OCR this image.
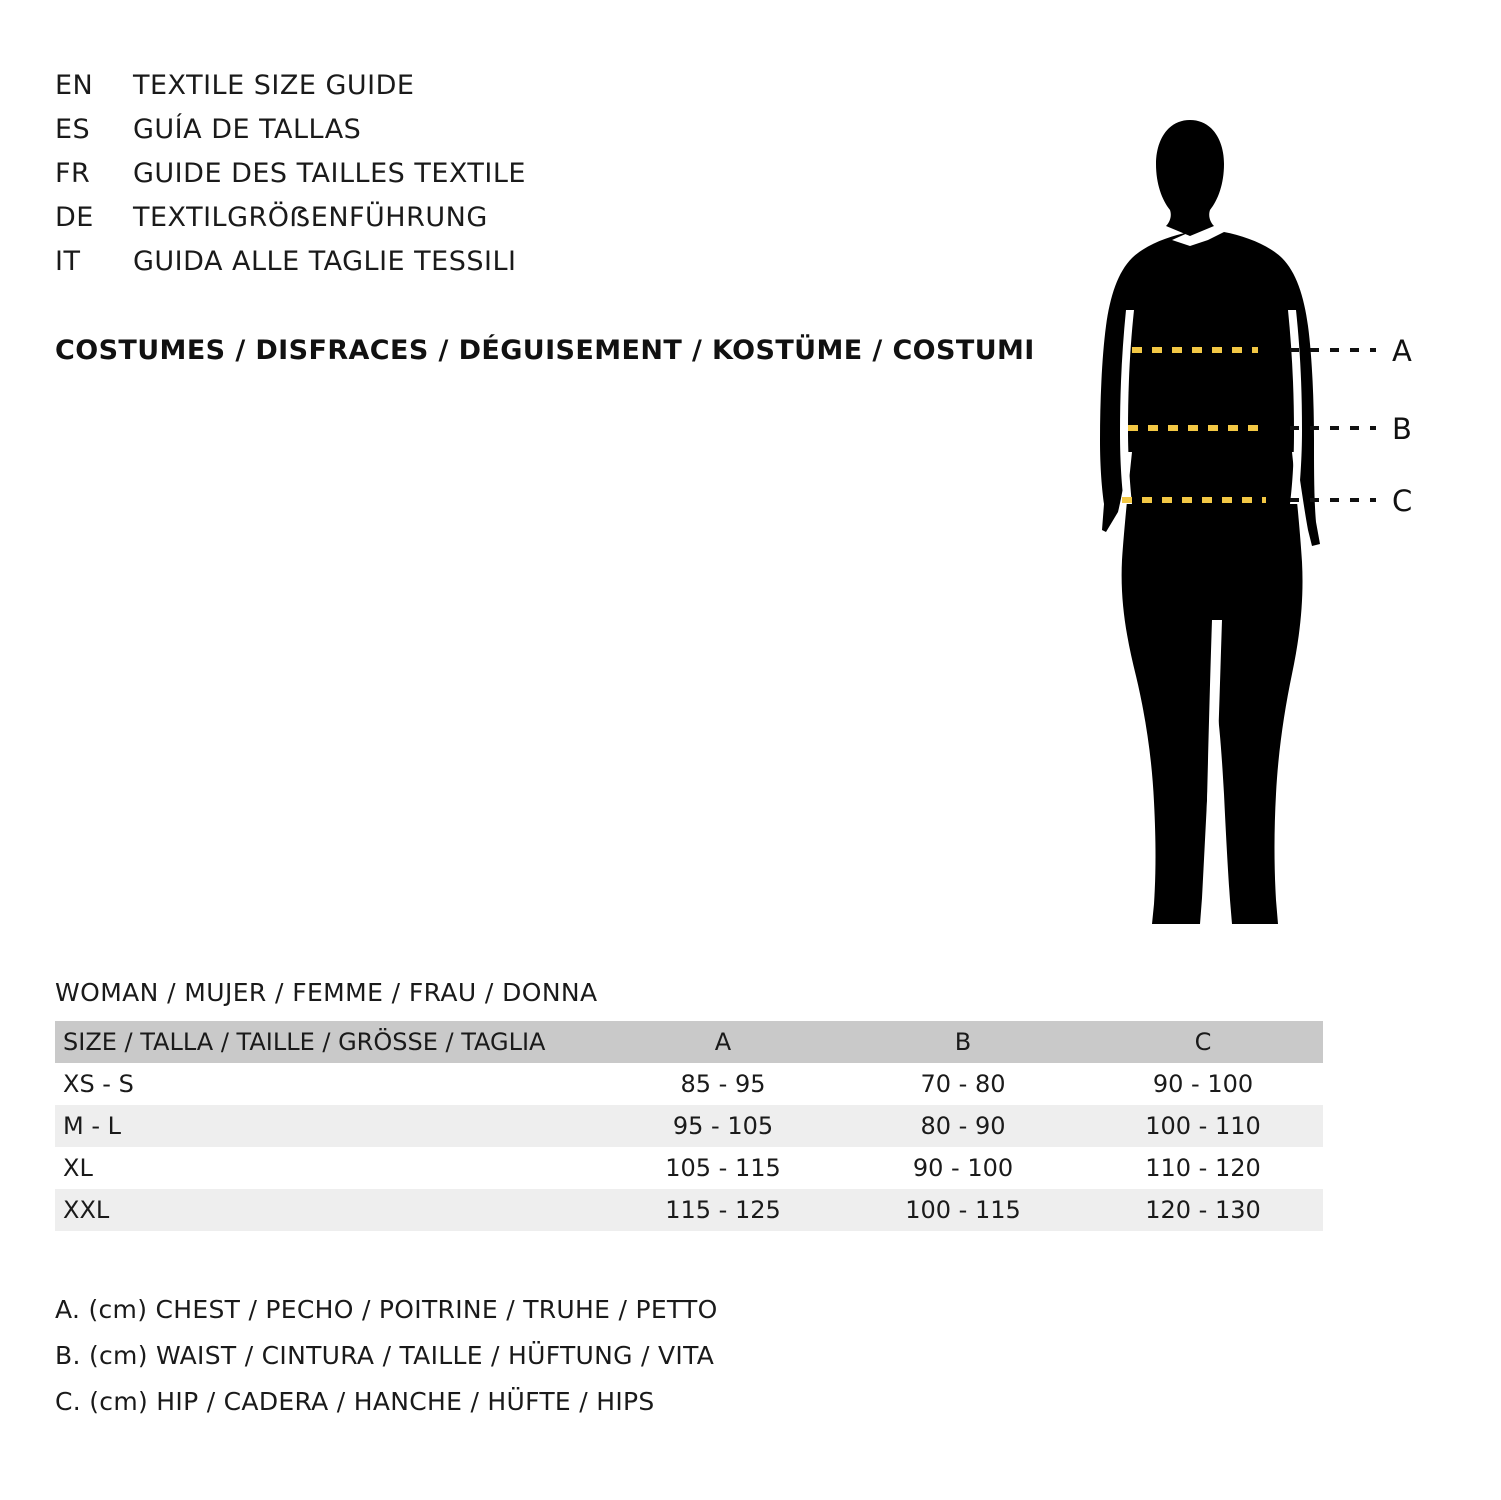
EN	TEXTILE SIZE GUIDE
ES	GUÍA DE TALLAS
FR	GUIDE DES TAILLES TEXTILE
DE	TEXTILGRÖẞENFÜHRUNG
IT	GUIDA ALLE TAGLIE TESSILI
COSTUMES / DISFRACES / DÉGUISEMENT / KOSTÜME / COSTUMI	A
B
C
WOMAN / MUJER / FEMME / FRAU / DONNA
SIZE / TALLA / TAILLE / GRÖSSE / TAGLIA	A	B	C
XS - S	85 - 95	70 - 80	90 - 100
M - L	95 - 105	80 - 90	100 - 110
XL	105 - 115	90 - 100	110 - 120
XXL	115 - 125	100 - 115	120 - 130
A. (cm) CHEST / PECHO / POITRINE / TRUHE / PETTO
B. (cm) WAIST / CINTURA / TAILLE / HÜFTUNG / VITA
C. (cm) HIP / CADERA / HANCHE / HÜFTE / HIPS
